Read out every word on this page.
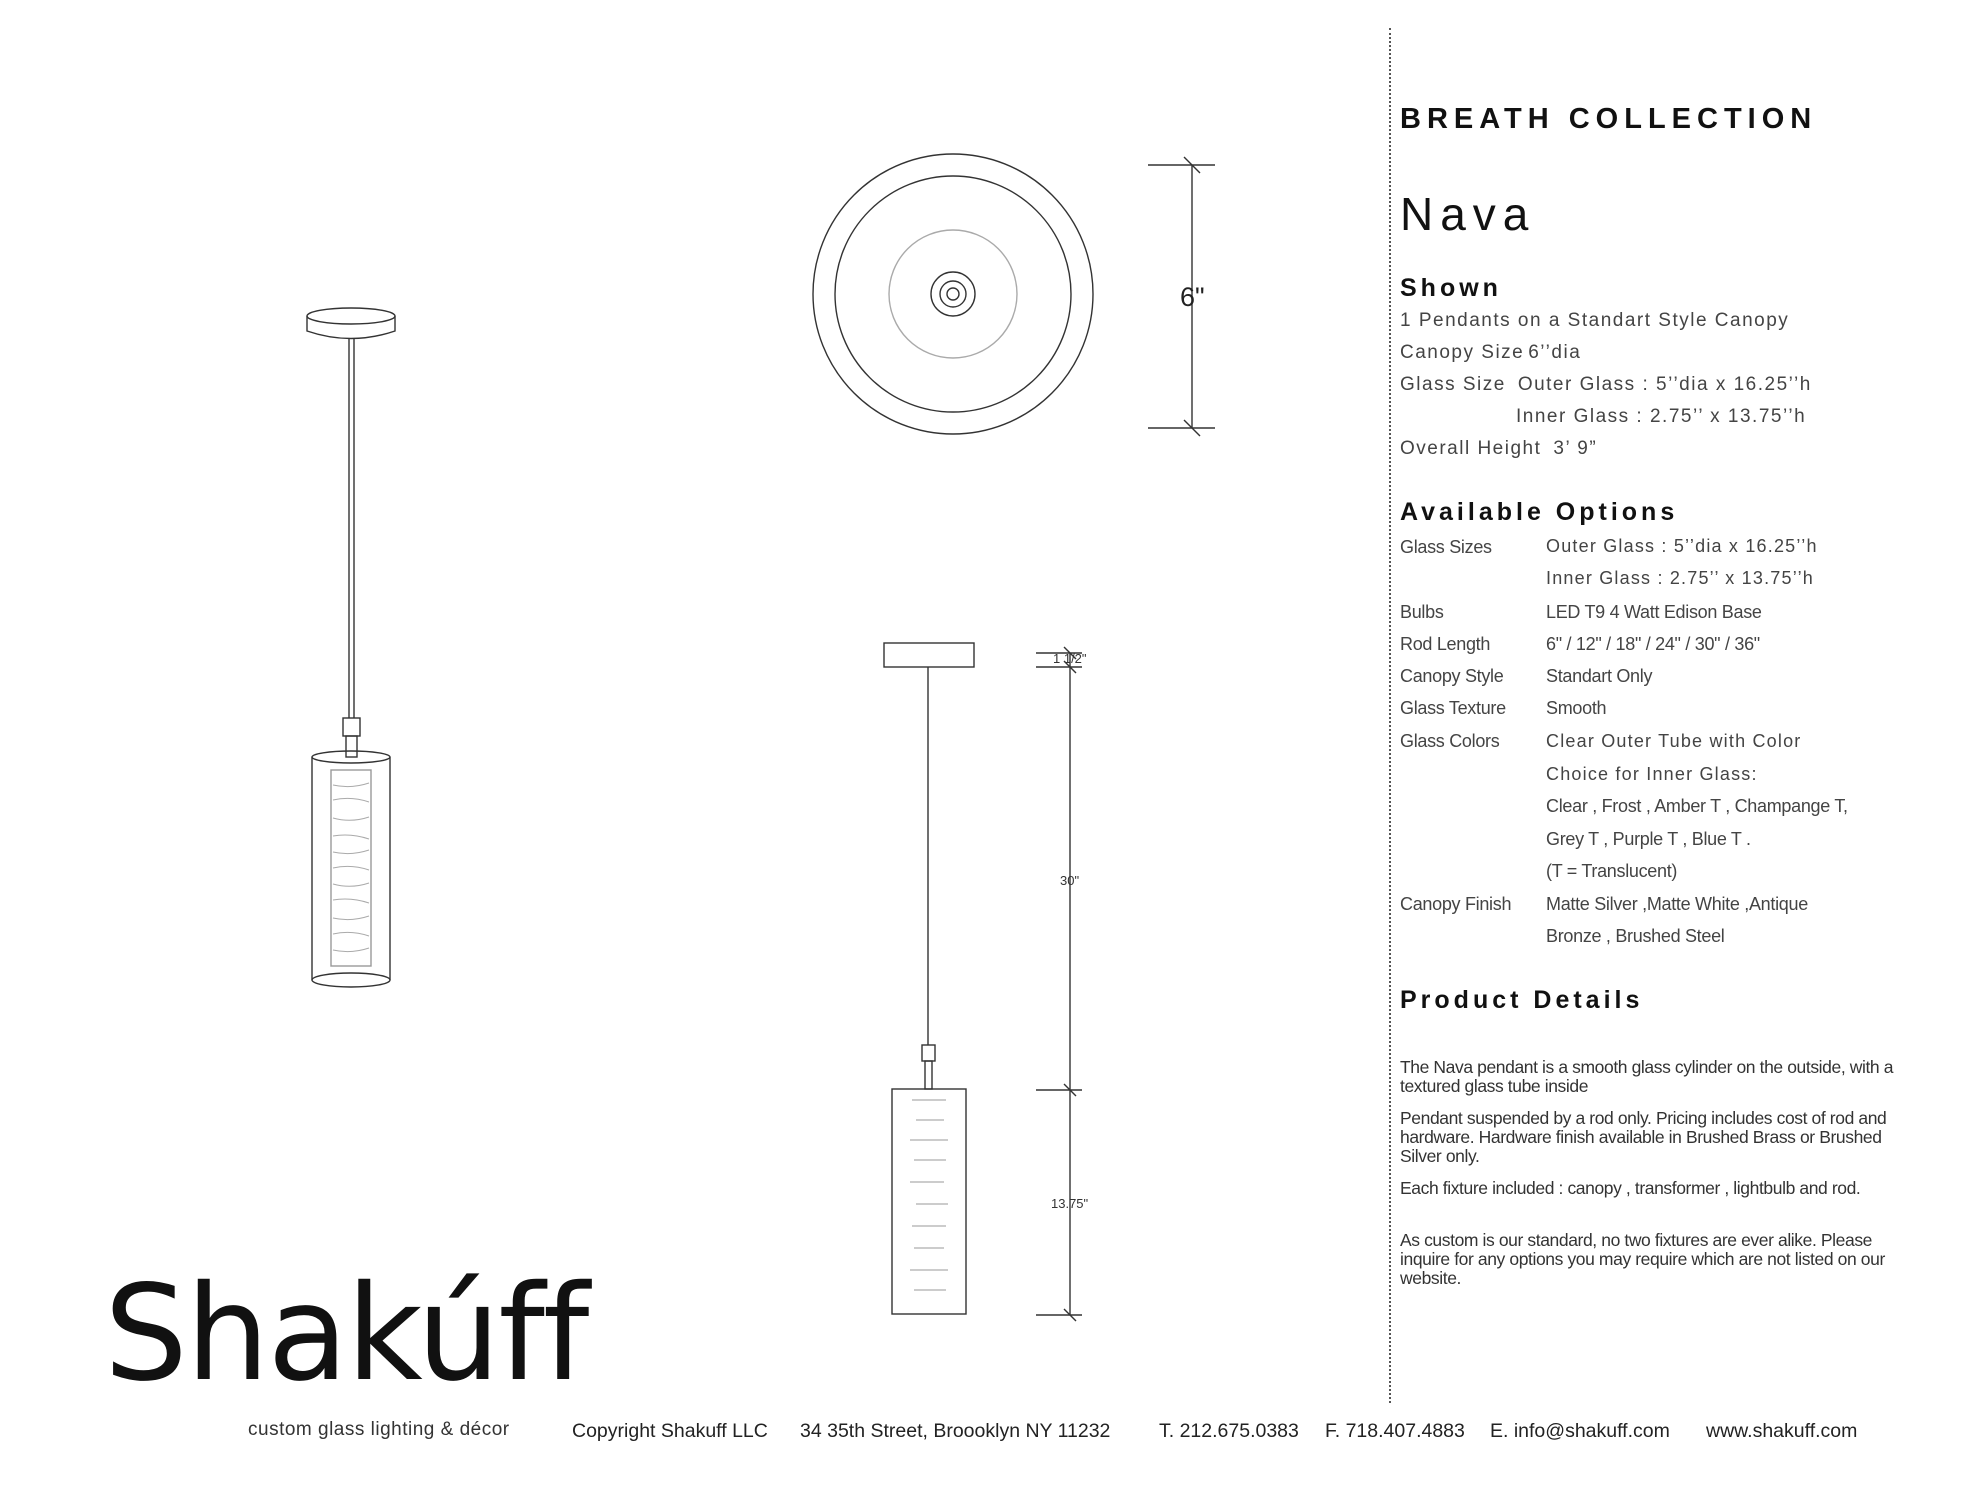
6"
1 1/2"
30"
13.75"
BREATH COLLECTION
Nava
Shown
1 Pendants on a Standart Style Canopy
Canopy Size 6’’dia
Glass Size Outer Glass : 5’’dia x 16.25’’h
Inner Glass : 2.75’’ x 13.75’’h
Overall Height 3’ 9”
Available Options
Glass Sizes	Outer Glass : 5’’dia x 16.25’’h
Inner Glass : 2.75’’ x 13.75’’h
Bulbs	LED T9 4 Watt Edison Base
Rod Length	6" / 12" / 18" / 24" / 30" / 36"
Canopy Style Standart Only
Glass Texture Smooth
Glass Colors	Clear Outer Tube with Color
Choice for Inner Glass:
Clear , Frost , Amber T , Champange T,
Grey T , Purple T , Blue T .
(T = Translucent)
Canopy Finish Matte Silver ,Matte White ,Antique
Bronze , Brushed Steel
Product Details
The Nava pendant is a smooth glass cylinder on the outside, with a textured glass tube inside
Pendant suspended by a rod only. Pricing includes cost of rod and hardware. Hardware finish available in Brushed Brass or Brushed Silver only.
Each fixture included : canopy , transformer , lightbulb and rod.
As custom is our standard, no two fixtures are ever alike. Please inquire for any options you may require which are not listed on our website.
Shakúff
custom glass lighting & décor	Copyright Shakuff LLC 34 35th Street, Broooklyn NY 11232 T. 212.675.0383 F. 718.407.4883 E. info@shakuff.com www.shakuff.com
